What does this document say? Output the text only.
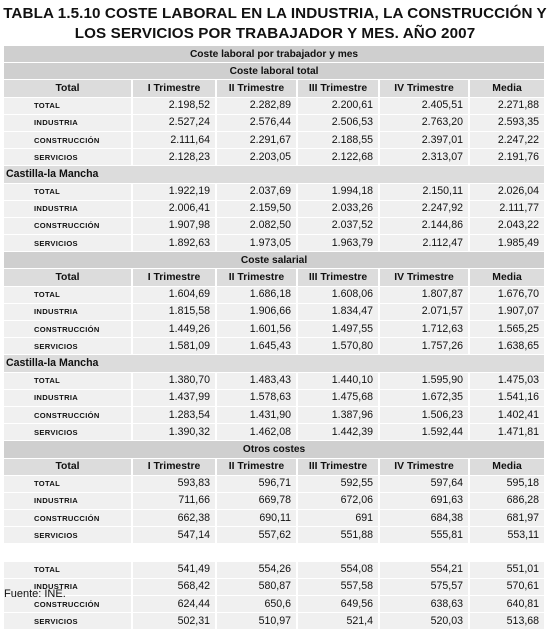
TABLA 1.5.10 COSTE LABORAL EN LA INDUSTRIA, LA CONSTRUCCIÓN Y
LOS SERVICIOS POR TRABAJADOR Y MES. AÑO 2007
Coste laboral por trabajador y mes					
Coste laboral total					
Total	I Trimestre	II Trimestre	III Trimestre	IV Trimestre	Media
TOTAL	2.198,52	2.282,89	2.200,61	2.405,51	2.271,88
INDUSTRIA	2.527,24	2.576,44	2.506,53	2.763,20	2.593,35
CONSTRUCCIÓN	2.111,64	2.291,67	2.188,55	2.397,01	2.247,22
SERVICIOS	2.128,23	2.203,05	2.122,68	2.313,07	2.191,76
Castilla-la Mancha					
TOTAL	1.922,19	2.037,69	1.994,18	2.150,11	2.026,04
INDUSTRIA	2.006,41	2.159,50	2.033,26	2.247,92	2.111,77
CONSTRUCCIÓN	1.907,98	2.082,50	2.037,52	2.144,86	2.043,22
SERVICIOS	1.892,63	1.973,05	1.963,79	2.112,47	1.985,49
Coste salarial					
Total	I Trimestre	II Trimestre	III Trimestre	IV Trimestre	Media
TOTAL	1.604,69	1.686,18	1.608,06	1.807,87	1.676,70
INDUSTRIA	1.815,58	1.906,66	1.834,47	2.071,57	1.907,07
CONSTRUCCIÓN	1.449,26	1.601,56	1.497,55	1.712,63	1.565,25
SERVICIOS	1.581,09	1.645,43	1.570,80	1.757,26	1.638,65
Castilla-la Mancha					
TOTAL	1.380,70	1.483,43	1.440,10	1.595,90	1.475,03
INDUSTRIA	1.437,99	1.578,63	1.475,68	1.672,35	1.541,16
CONSTRUCCIÓN	1.283,54	1.431,90	1.387,96	1.506,23	1.402,41
SERVICIOS	1.390,32	1.462,08	1.442,39	1.592,44	1.471,81
Otros costes					
Total	I Trimestre	II Trimestre	III Trimestre	IV Trimestre	Media
TOTAL	593,83	596,71	592,55	597,64	595,18
INDUSTRIA	711,66	669,78	672,06	691,63	686,28
CONSTRUCCIÓN	662,38	690,11	691	684,38	681,97
SERVICIOS	547,14	557,62	551,88	555,81	553,11

TOTAL	541,49	554,26	554,08	554,21	551,01
INDUSTRIA	568,42	580,87	557,58	575,57	570,61
CONSTRUCCIÓN	624,44	650,6	649,56	638,63	640,81
SERVICIOS	502,31	510,97	521,4	520,03	513,68
Fuente: INE.
